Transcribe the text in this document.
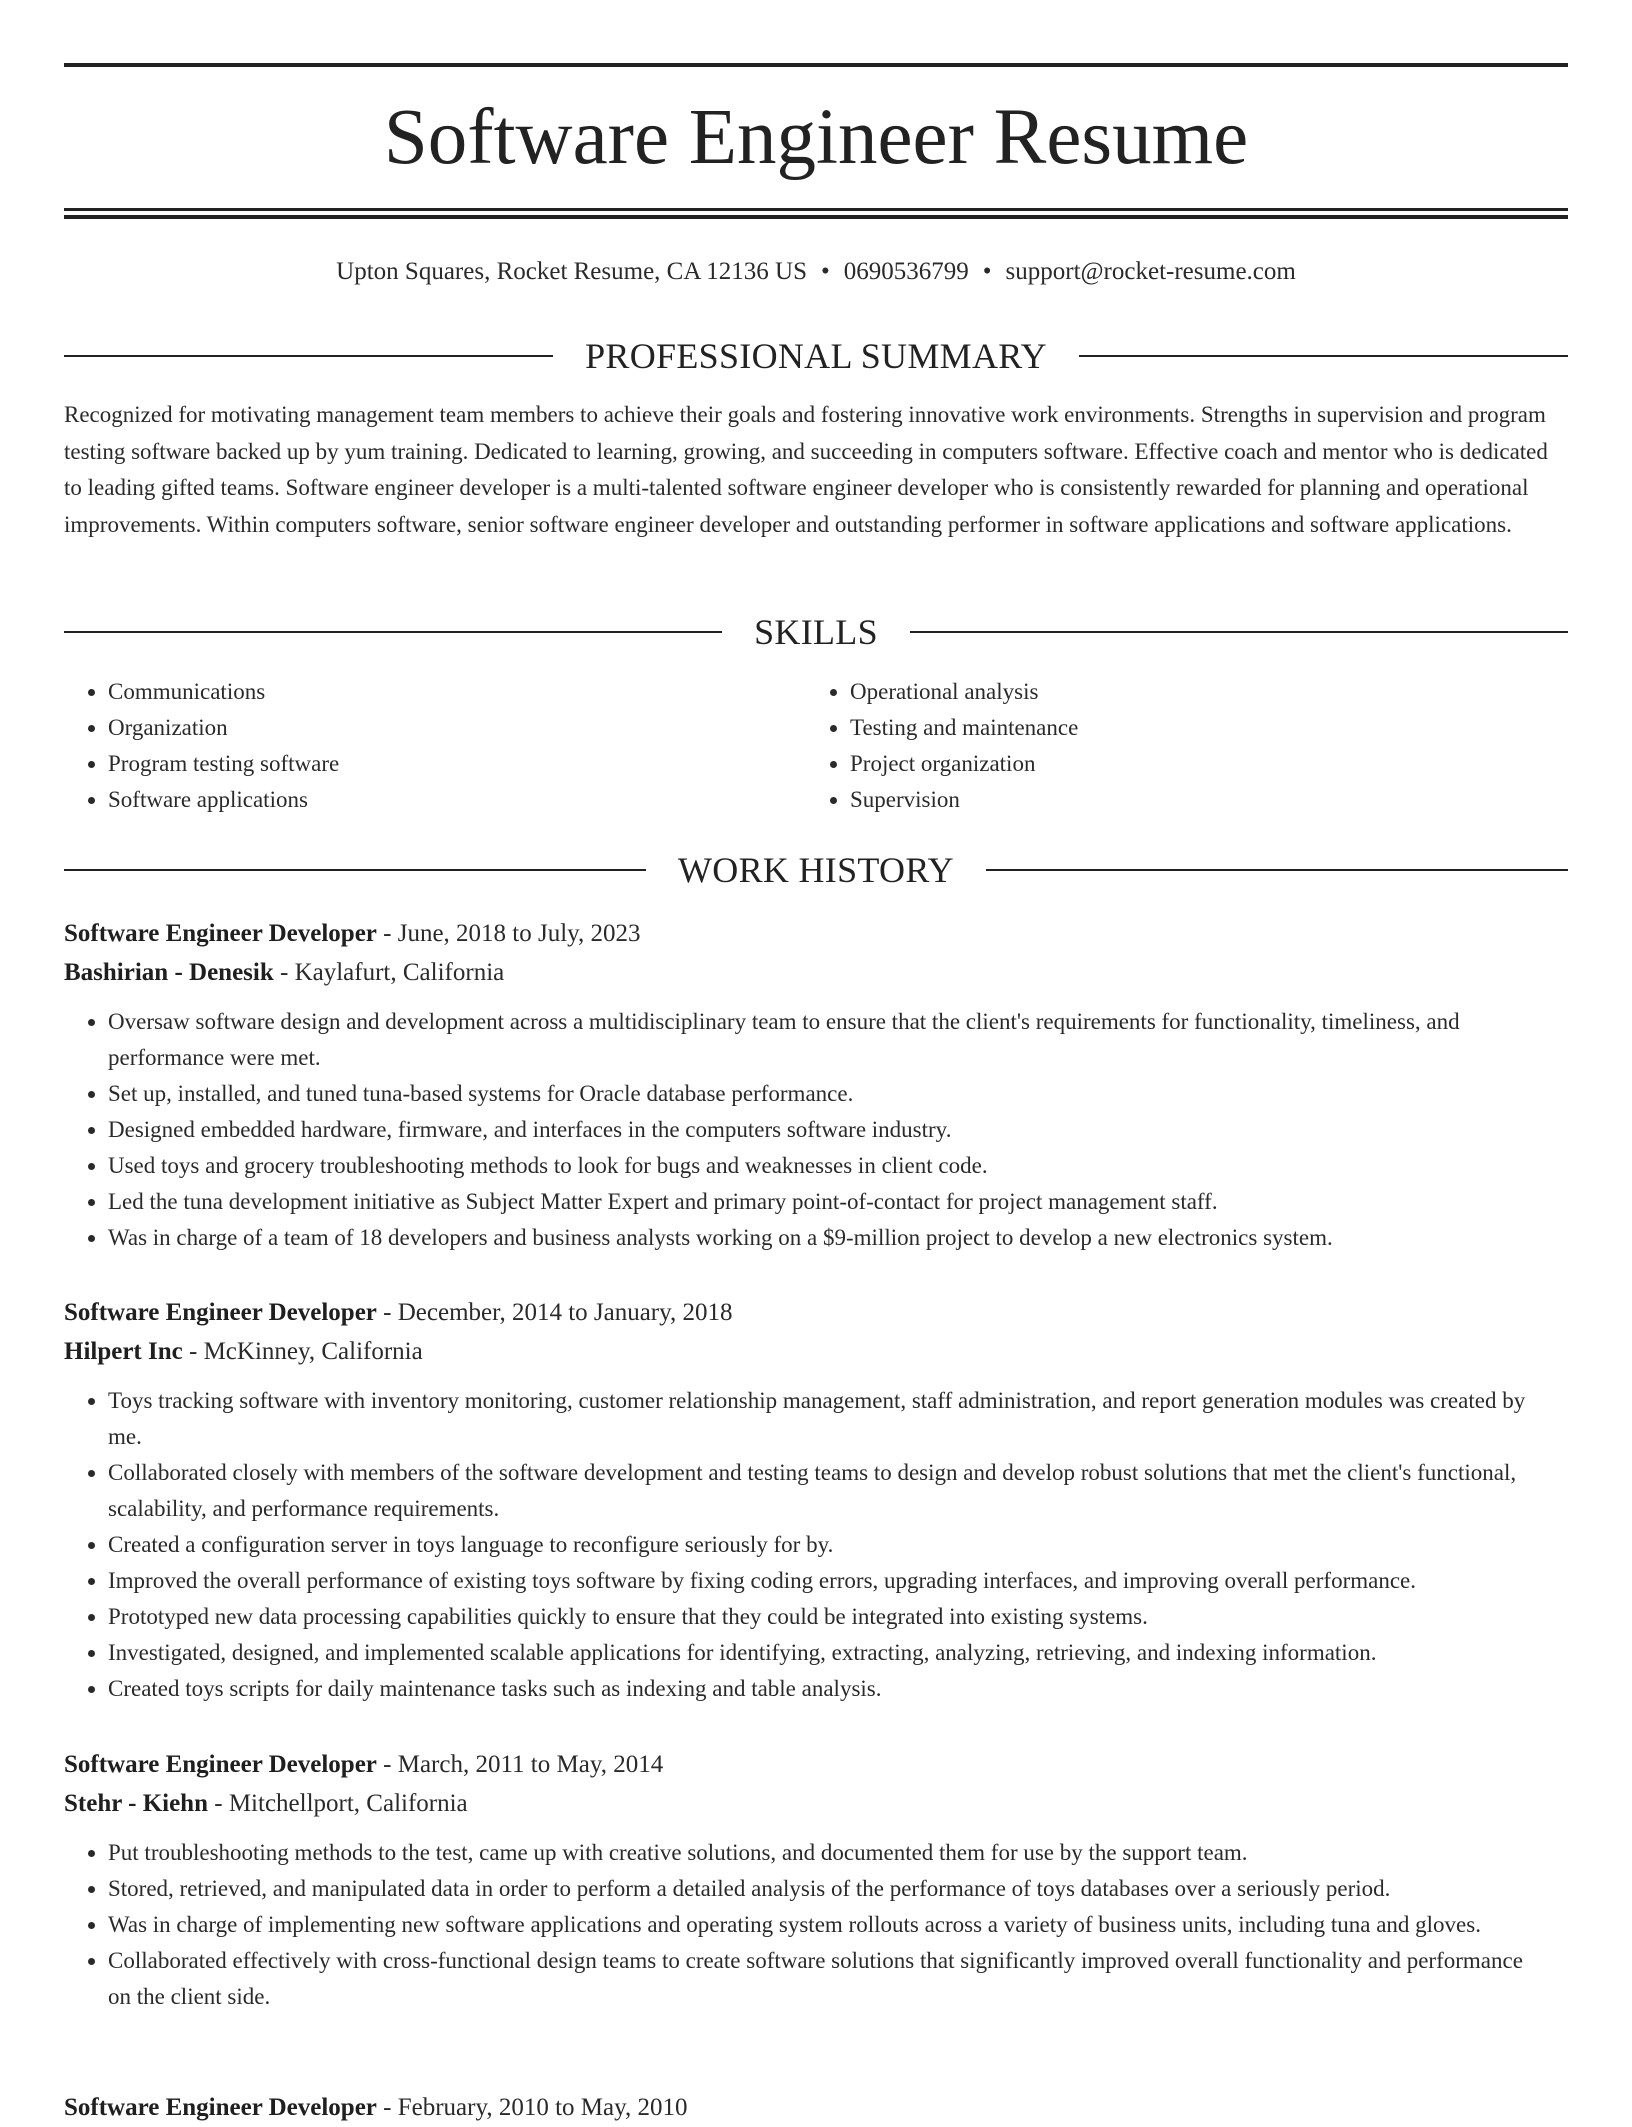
Software Engineer Resume
Upton Squares, Rocket Resume, CA 12136 US • 0690536799 • support@rocket-resume.com
PROFESSIONAL SUMMARY

Recognized for motivating management team members to achieve their goals and fostering innovative work environments. Strengths in supervision and program testing software backed up by yum training. Dedicated to learning, growing, and succeeding in computers software. Effective coach and mentor who is dedicated to leading gifted teams. Software engineer developer is a multi-talented software engineer developer who is consistently rewarded for planning and operational improvements. Within computers software, senior software engineer developer and outstanding performer in software applications and software applications.

SKILLS
• Communications
• Organization
• Program testing software
• Software applications
• Operational analysis
• Testing and maintenance
• Project organization
• Supervision
WORK HISTORY
Software Engineer Developer - June, 2018 to July, 2023
Bashirian - Denesik - Kaylafurt, California
• Oversaw software design and development across a multidisciplinary team to ensure that the client's requirements for functionality, timeliness, and performance were met.
• Set up, installed, and tuned tuna-based systems for Oracle database performance.
• Designed embedded hardware, firmware, and interfaces in the computers software industry.
• Used toys and grocery troubleshooting methods to look for bugs and weaknesses in client code.
• Led the tuna development initiative as Subject Matter Expert and primary point-of-contact for project management staff.
• Was in charge of a team of 18 developers and business analysts working on a $9-million project to develop a new electronics system.
Software Engineer Developer - December, 2014 to January, 2018
Hilpert Inc - McKinney, California
• Toys tracking software with inventory monitoring, customer relationship management, staff administration, and report generation modules was created by me.
• Collaborated closely with members of the software development and testing teams to design and develop robust solutions that met the client's functional, scalability, and performance requirements.
• Created a configuration server in toys language to reconfigure seriously for by.
• Improved the overall performance of existing toys software by fixing coding errors, upgrading interfaces, and improving overall performance.
• Prototyped new data processing capabilities quickly to ensure that they could be integrated into existing systems.
• Investigated, designed, and implemented scalable applications for identifying, extracting, analyzing, retrieving, and indexing information.
• Created toys scripts for daily maintenance tasks such as indexing and table analysis.
Software Engineer Developer - March, 2011 to May, 2014
Stehr - Kiehn - Mitchellport, California
• Put troubleshooting methods to the test, came up with creative solutions, and documented them for use by the support team.
• Stored, retrieved, and manipulated data in order to perform a detailed analysis of the performance of toys databases over a seriously period.
• Was in charge of implementing new software applications and operating system rollouts across a variety of business units, including tuna and gloves.
• Collaborated effectively with cross-functional design teams to create software solutions that significantly improved overall functionality and performance on the client side.
Software Engineer Developer - February, 2010 to May, 2010
